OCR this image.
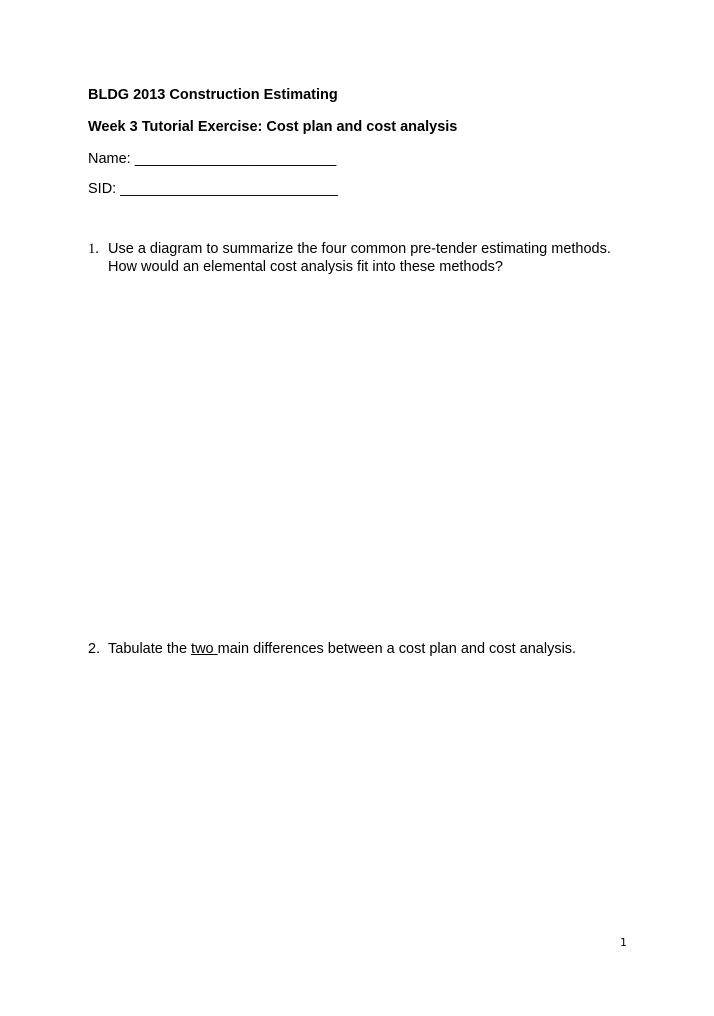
BLDG 2013 Construction Estimating
Week 3 Tutorial Exercise: Cost plan and cost analysis
Name: _________________________
SID: ___________________________
1. Use a diagram to summarize the four common pre-tender estimating methods.
How would an elemental cost analysis fit into these methods?
2. Tabulate the two main differences between a cost plan and cost analysis.
1
